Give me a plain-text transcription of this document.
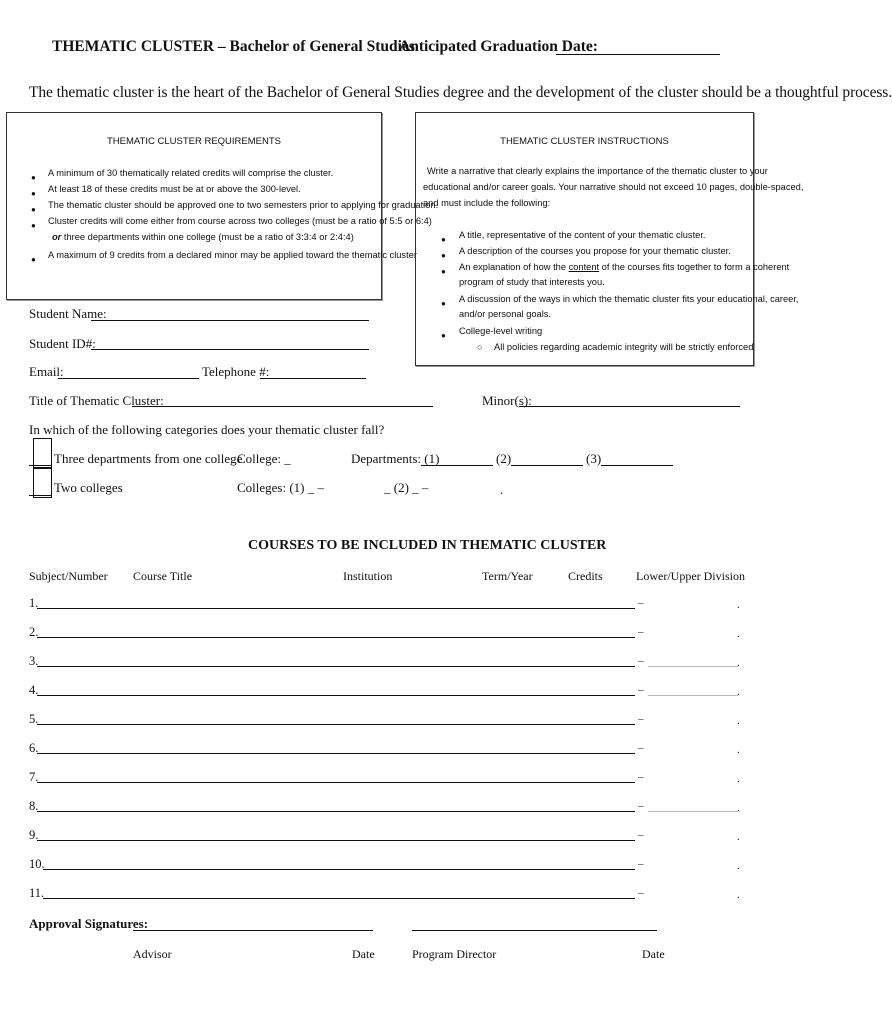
THEMATIC CLUSTER – Bachelor of General Studies
Anticipated Graduation Date:
The thematic cluster is the heart of the Bachelor of General Studies degree and the development of the cluster should be a thoughtful process.
THEMATIC CLUSTER REQUIREMENTS
● A minimum of 30 thematically related credits will comprise the cluster.
● At least 18 of these credits must be at or above the 300-level.
● The thematic cluster should be approved one to two semesters prior to applying for graduation.
● Cluster credits will come either from course across two colleges (must be a ratio of 5:5 or 6:4)
or three departments within one college (must be a ratio of 3:3:4 or 2:4:4)
● A maximum of 9 credits from a declared minor may be applied toward the thematic cluster
THEMATIC CLUSTER INSTRUCTIONS
Write a narrative that clearly explains the importance of the thematic cluster to your
educational and/or career goals. Your narrative should not exceed 10 pages, double-spaced,
and must include the following:
● A title, representative of the content of your thematic cluster.
● A description of the courses you propose for your thematic cluster.
● An explanation of how the content of the courses fits together to form a coherent
program of study that interests you.
● A discussion of the ways in which the thematic cluster fits your educational, career,
and/or personal goals.
● College-level writing
○ All policies regarding academic integrity will be strictly enforced
Student Name:
Student ID#:
Email:	Telephone #:
Title of Thematic Cluster:	Minor(s):
In which of the following categories does your thematic cluster fall?
Three departments from one college
College: _	Departments: (1)	(2)	(3)
Two colleges	Colleges: (1) _ –	_ (2) _ –	.
COURSES TO BE INCLUDED IN THEMATIC CLUSTER
Subject/Number Course Title	Institution	Term/Year	Credits	Lower/Upper Division
1.	–	.
2.	–	.
3.	–	.
4.	–	.
5.	–	.
6.	–	.
7.	–	.
8.	–	.
9.	–	.
10.	–	.
11.	–	.
Approval Signatures:
Advisor	Date	Program Director	Date
